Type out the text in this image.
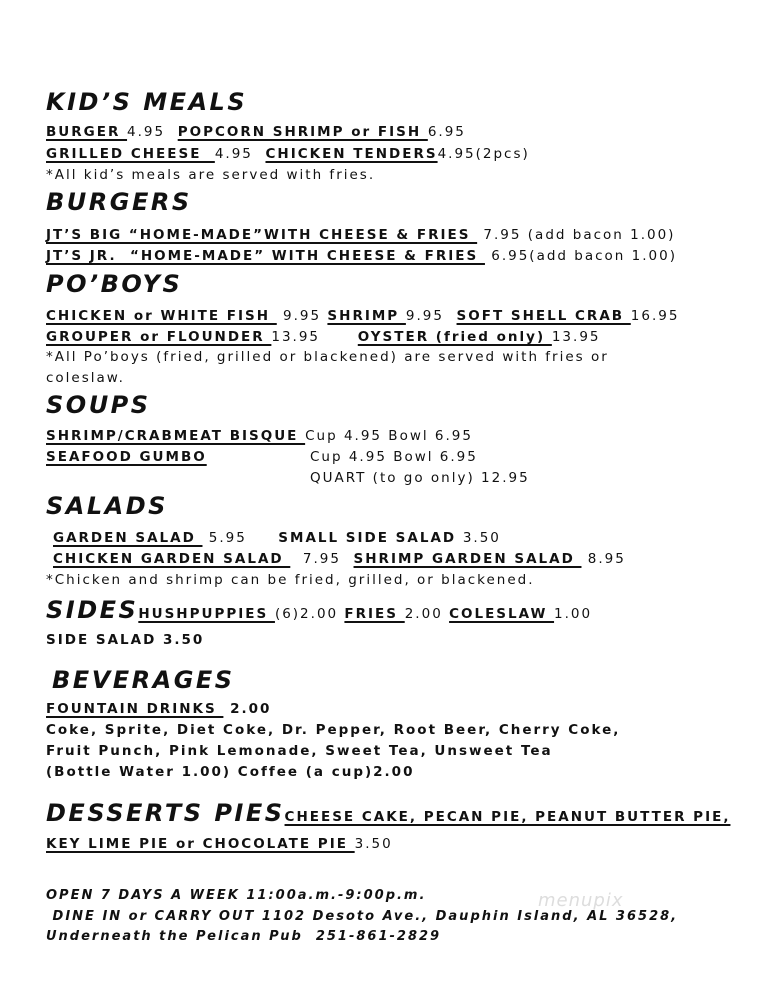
KID’S MEALS
BURGER 4.95  POPCORN SHRIMP or FISH 6.95
GRILLED CHEESE  4.95  CHICKEN TENDERS4.95(2pcs)
*All kid’s meals are served with fries.
BURGERS
JT’S BIG “HOME-MADE”WITH CHEESE & FRIES  7.95 (add bacon 1.00)
JT’S JR.  “HOME-MADE” WITH CHEESE & FRIES  6.95(add bacon 1.00)
PO’BOYS
CHICKEN or WHITE FISH  9.95 SHRIMP 9.95  SOFT SHELL CRAB 16.95
GROUPER or FLOUNDER 13.95      OYSTER (fried only) 13.95
*All Po’boys (fried, grilled or blackened) are served with fries or
coleslaw.
SOUPS
SHRIMP/CRABMEAT BISQUE Cup 4.95 Bowl 6.95
SEAFOOD GUMBO	Cup 4.95 Bowl 6.95
QUART (to go only) 12.95
SALADS
GARDEN SALAD  5.95     SMALL SIDE SALAD 3.50
CHICKEN GARDEN SALAD   7.95  SHRIMP GARDEN SALAD  8.95
*Chicken and shrimp can be fried, grilled, or blackened.
SIDESHUSHPUPPIES (6)2.00 FRIES 2.00 COLESLAW 1.00
SIDE SALAD 3.50
BEVERAGES
FOUNTAIN DRINKS  2.00
Coke, Sprite, Diet Coke, Dr. Pepper, Root Beer, Cherry Coke,
Fruit Punch, Pink Lemonade, Sweet Tea, Unsweet Tea
(Bottle Water 1.00) Coffee (a cup)2.00
DESSERTS PIESCHEESE CAKE, PECAN PIE, PEANUT BUTTER PIE,
KEY LIME PIE or CHOCOLATE PIE 3.50
OPEN 7 DAYS A WEEK 11:00a.m.-9:00p.m.
DINE IN or CARRY OUT 1102 Desoto Ave., Dauphin Island, AL 36528,
Underneath the Pelican Pub  251-861-2829
menupix
